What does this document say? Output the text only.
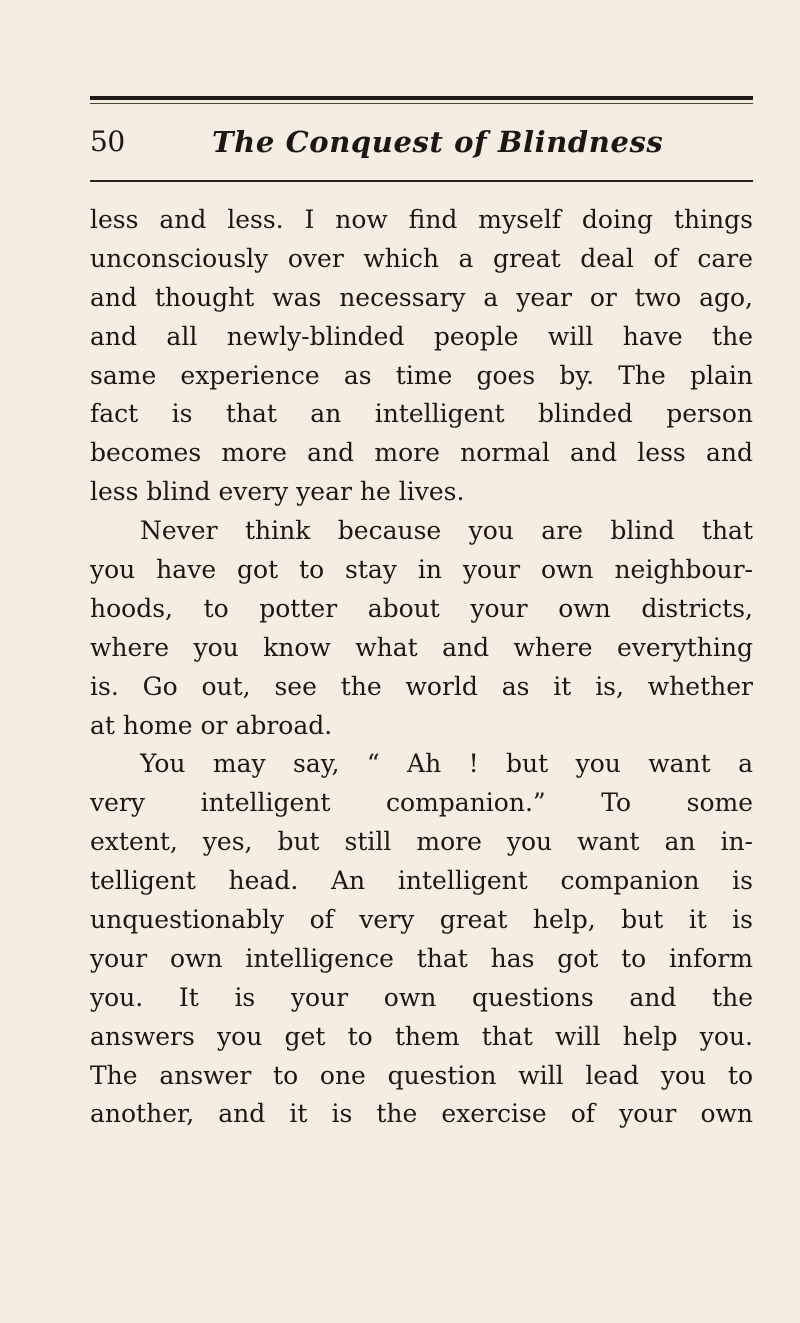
50	The Conquest of Blindness
less and less. I now find myself doing things
unconsciously over which a great deal of care
and thought was necessary a year or two ago,
and all newly-blinded people will have the
same experience as time goes by. The plain
fact is that an intelligent blinded person
becomes more and more normal and less and
less blind every year he lives.
Never think because you are blind that
you have got to stay in your own neighbour-
hoods, to potter about your own districts,
where you know what and where everything
is. Go out, see the world as it is, whether
at home or abroad.
You may say, “ Ah ! but you want a
very intelligent companion.” To some
extent, yes, but still more you want an in-
telligent head. An intelligent companion is
unquestionably of very great help, but it is
your own intelligence that has got to inform
you. It is your own questions and the
answers you get to them that will help you.
The answer to one question will lead you to
another, and it is the exercise of your own
